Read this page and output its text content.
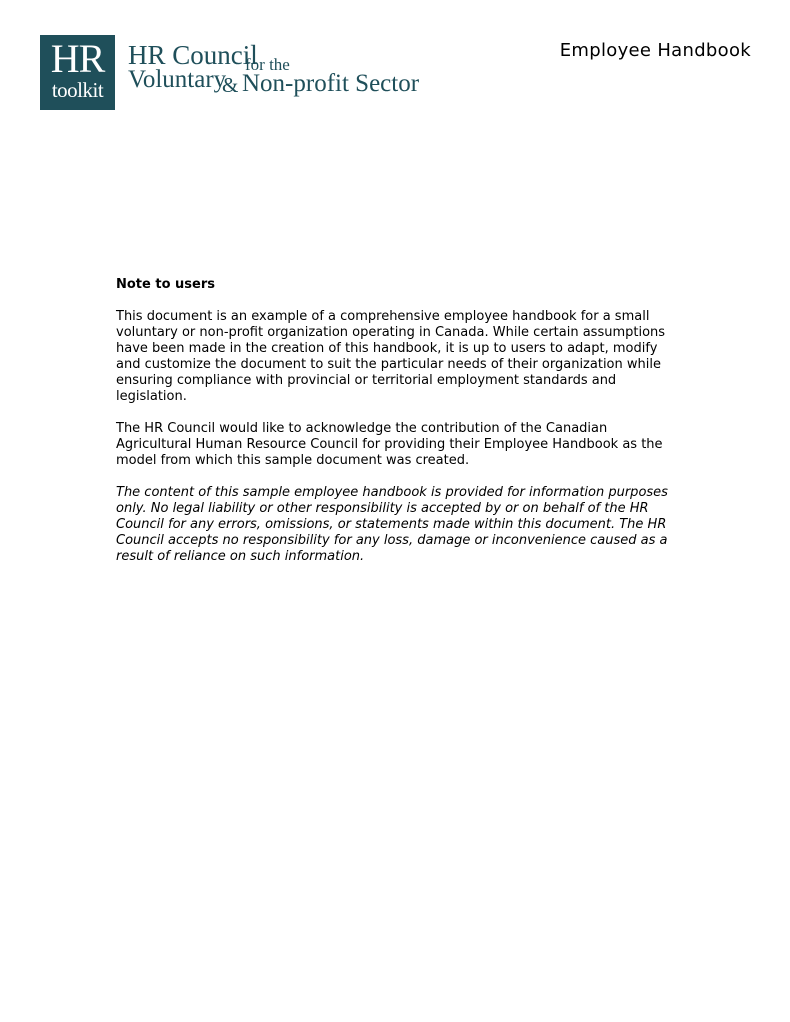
HR
toolkit
HR Council
for the
Voluntary
& Non-profit Sector
Employee Handbook
Note to users

This document is an example of a comprehensive employee handbook for a small voluntary or non-profit organization operating in Canada. While certain assumptions have been made in the creation of this handbook, it is up to users to adapt, modify and customize the document to suit the particular needs of their organization while ensuring compliance with provincial or territorial employment standards and legislation.

The HR Council would like to acknowledge the contribution of the Canadian Agricultural Human Resource Council for providing their Employee Handbook as the model from which this sample document was created.

The content of this sample employee handbook is provided for information purposes only. No legal liability or other responsibility is accepted by or on behalf of the HR Council for any errors, omissions, or statements made within this document. The HR Council accepts no responsibility for any loss, damage or inconvenience caused as a result of reliance on such information.
